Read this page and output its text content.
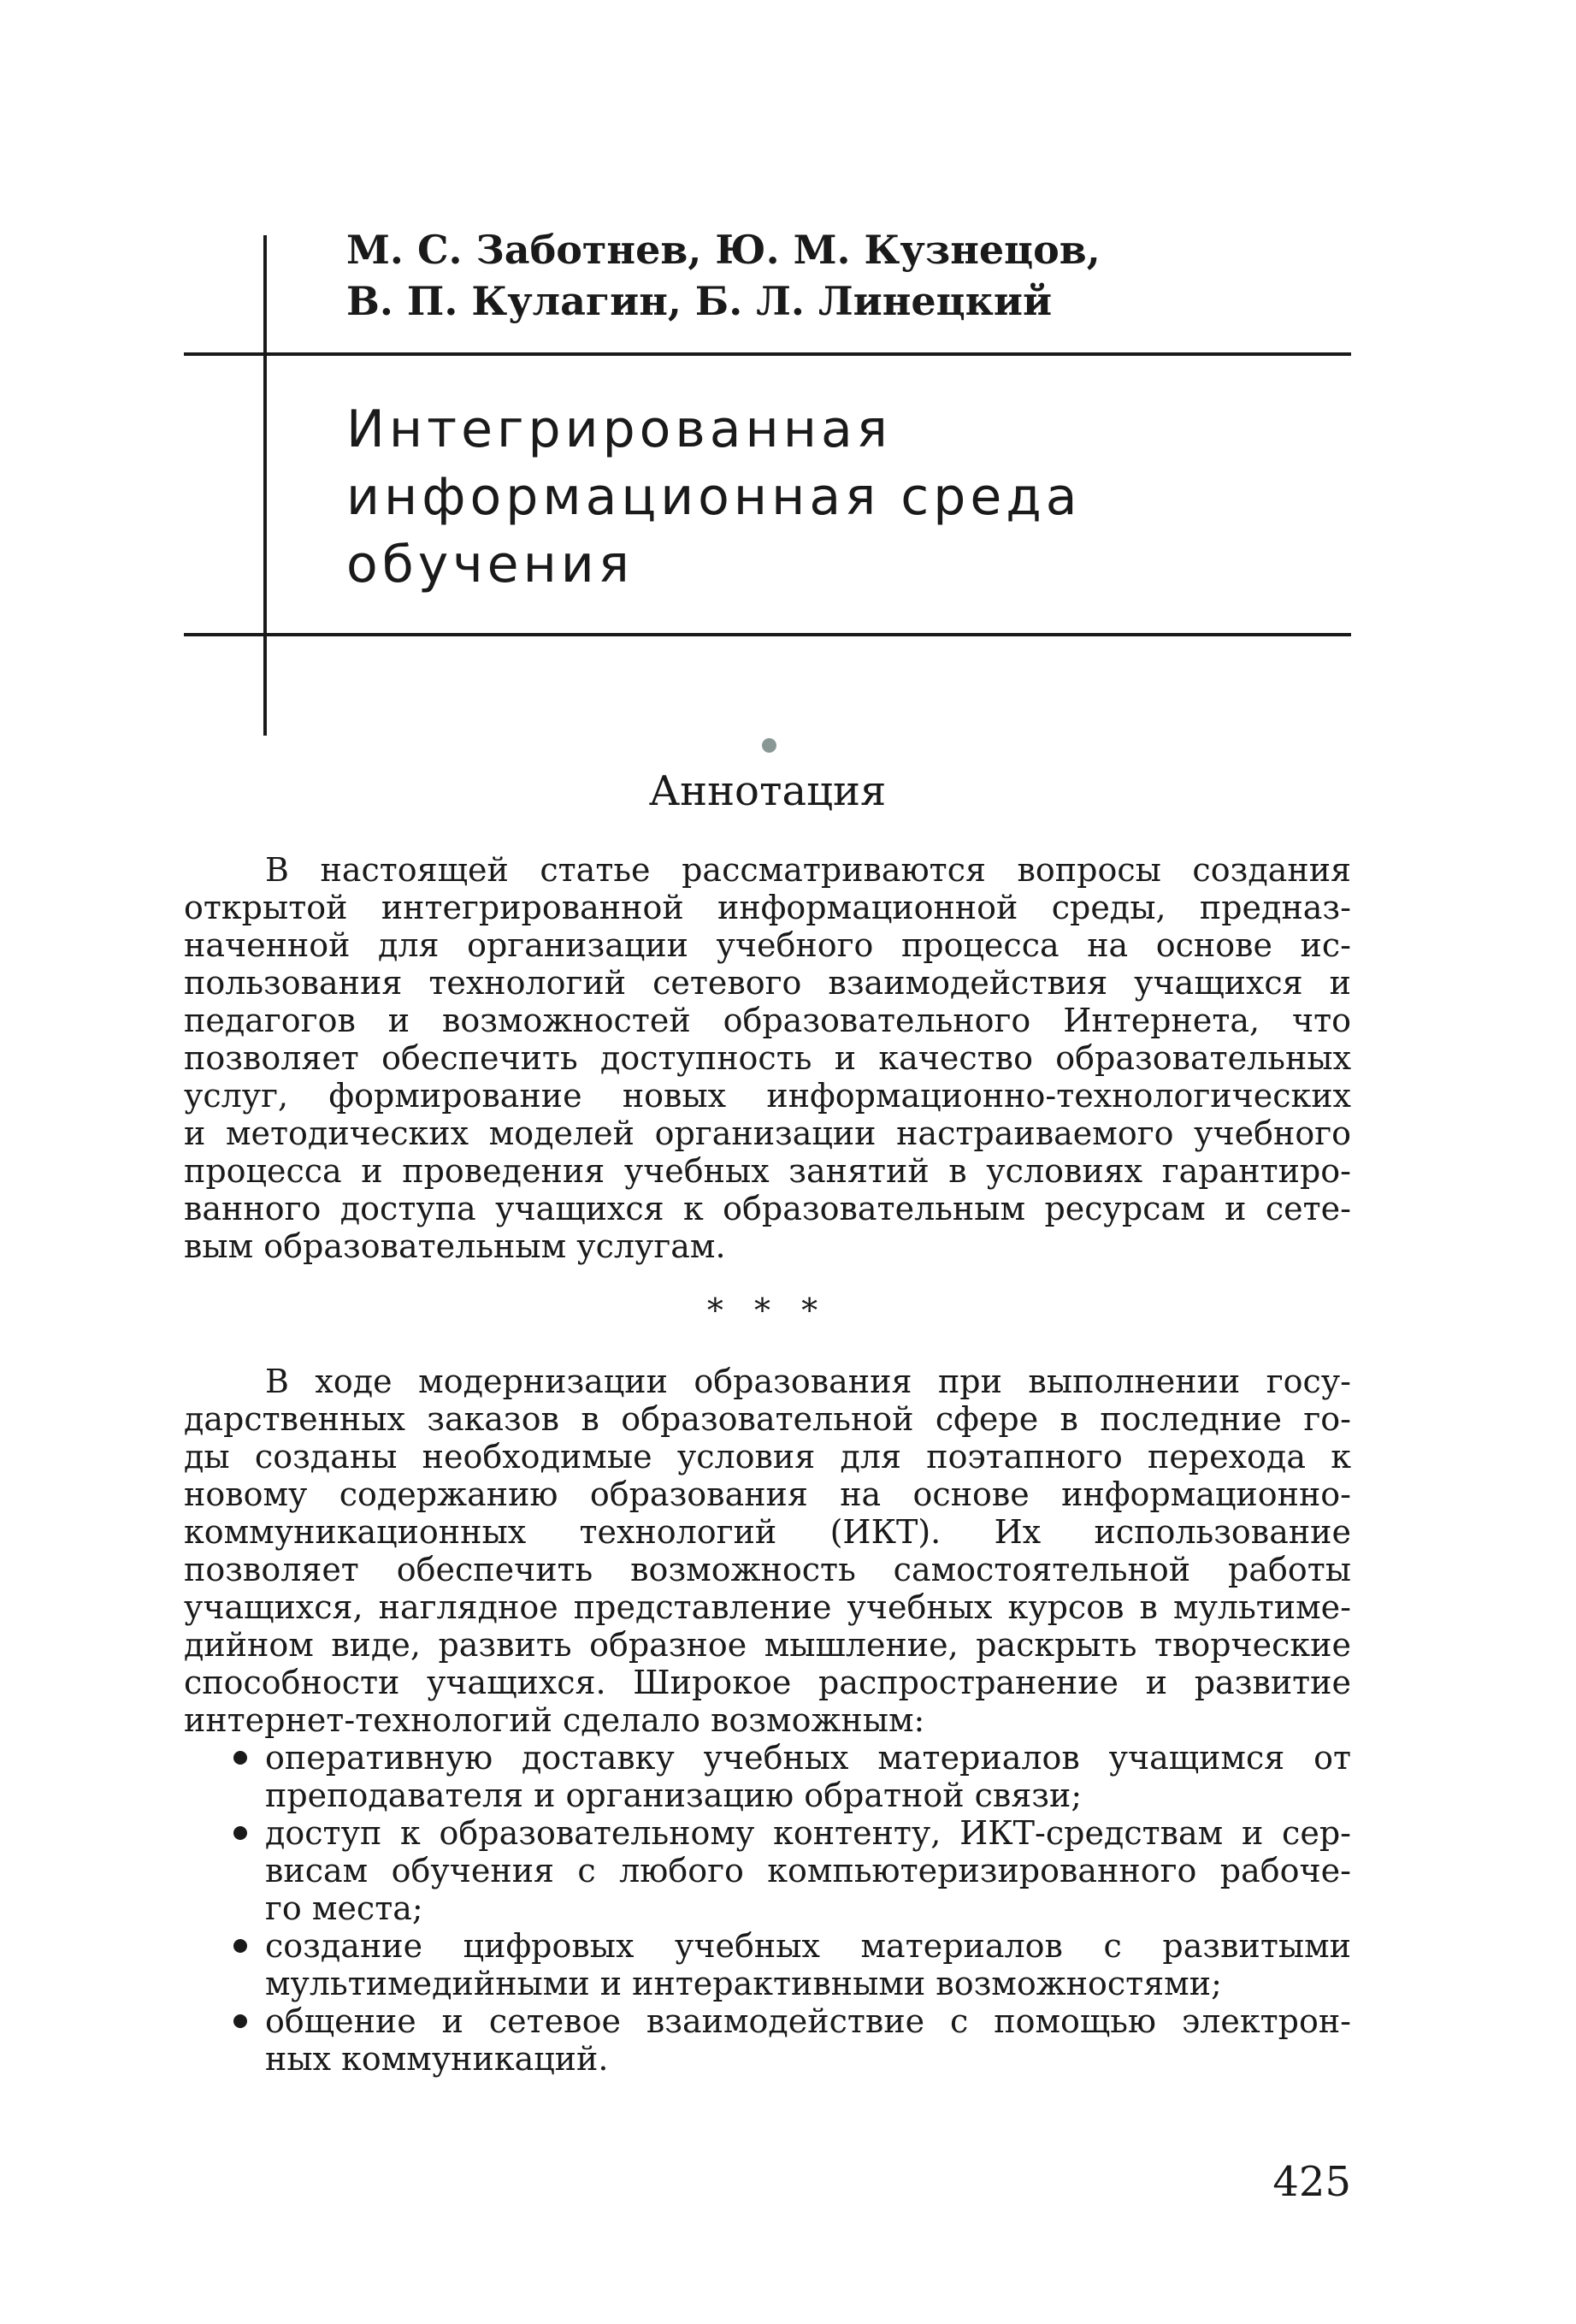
М. С. Заботнев, Ю. М. Кузнецов,
В. П. Кулагин, Б. Л. Линецкий
Интегрированная
информационная среда
обучения
Аннотация
В настоящей статье рассматриваются вопросы создания
открытой интегрированной информационной среды, предназ-
наченной для организации учебного процесса на основе ис-
пользования технологий сетевого взаимодействия учащихся и
педагогов и возможностей образовательного Интернета, что
позволяет обеспечить доступность и качество образовательных
услуг, формирование новых информационно-технологических
и методических моделей организации настраиваемого учебного
процесса и проведения учебных занятий в условиях гарантиро-
ванного доступа учащихся к образовательным ресурсам и сете-
вым образовательным услугам.
* * *
В ходе модернизации образования при выполнении госу-
дарственных заказов в образовательной сфере в последние го-
ды созданы необходимые условия для поэтапного перехода к
новому содержанию образования на основе информационно-
коммуникационных технологий (ИКТ). Их использование
позволяет обеспечить возможность самостоятельной работы
учащихся, наглядное представление учебных курсов в мультиме-
дийном виде, развить образное мышление, раскрыть творческие
способности учащихся. Широкое распространение и развитие
интернет-технологий сделало возможным:
оперативную доставку учебных материалов учащимся от
преподавателя и организацию обратной связи;
доступ к образовательному контенту, ИКТ-средствам и сер-
висам обучения с любого компьютеризированного рабоче-
го места;
создание цифровых учебных материалов с развитыми
мультимедийными и интерактивными возможностями;
общение и сетевое взаимодействие с помощью электрон-
ных коммуникаций.
425
